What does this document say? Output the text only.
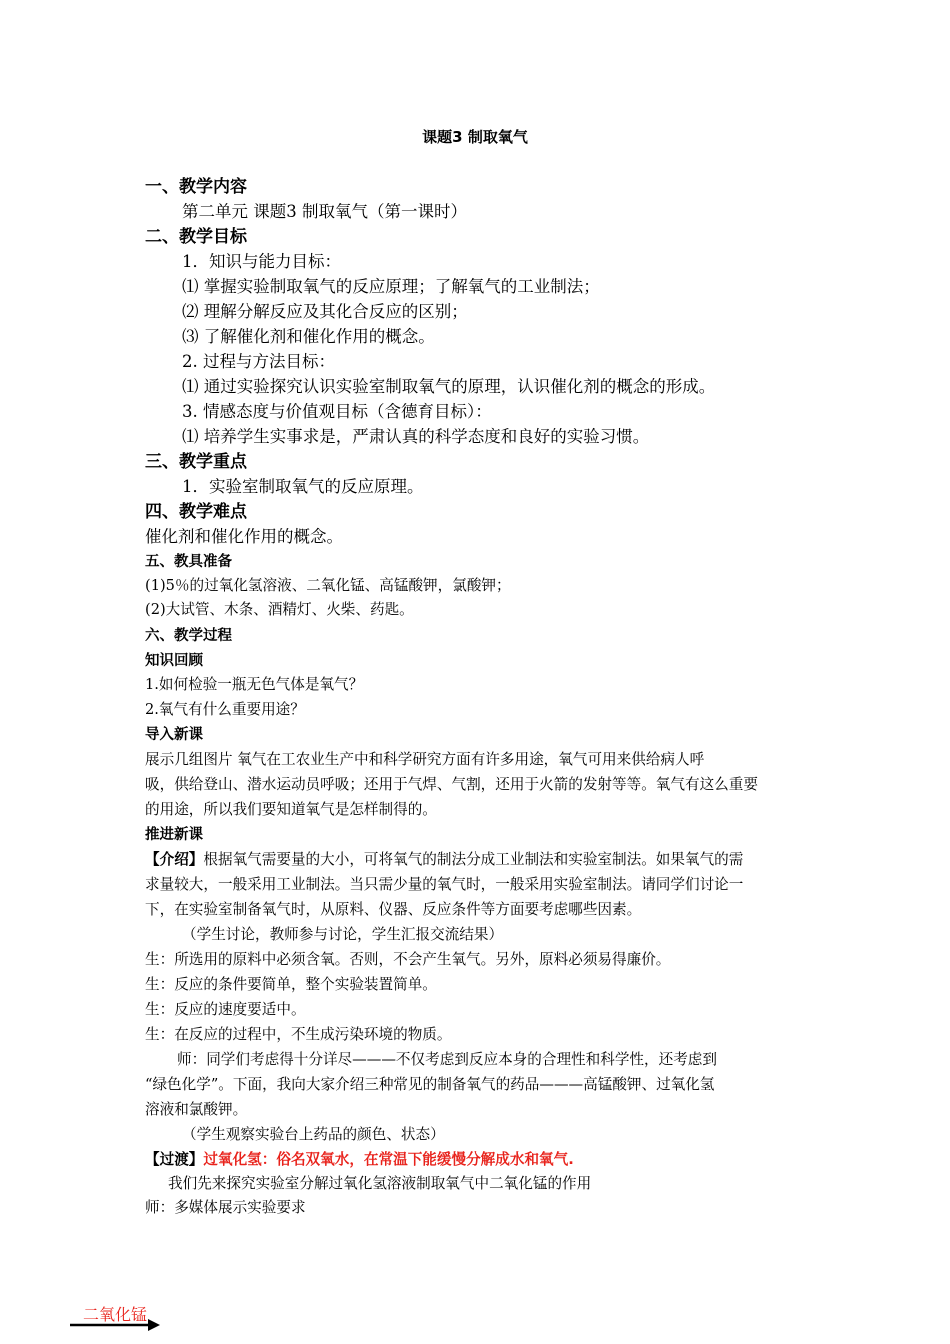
课题3 制取氧气
一、教学内容
第二单元 课题3 制取氧气（第一课时）
二、教学目标
1．知识与能力目标：
⑴ 掌握实验制取氧气的反应原理；了解氧气的工业制法；
⑵ 理解分解反应及其化合反应的区别；
⑶ 了解催化剂和催化作用的概念。
2. 过程与方法目标：
⑴ 通过实验探究认识实验室制取氧气的原理，认识催化剂的概念的形成。
3. 情感态度与价值观目标（含德育目标）：
⑴ 培养学生实事求是，严肃认真的科学态度和良好的实验习惯。
三、教学重点
1．实验室制取氧气的反应原理。
四、教学难点
催化剂和催化作用的概念。
五、教具准备
(1)5％的过氧化氢溶液、二氧化锰、高锰酸钾，氯酸钾；
(2)大试管、木条、酒精灯、火柴、药匙。
六、教学过程
知识回顾
1.如何检验一瓶无色气体是氧气？
2.氧气有什么重要用途？
导入新课
展示几组图片 氧气在工农业生产中和科学研究方面有许多用途，氧气可用来供给病人呼
吸，供给登山、潜水运动员呼吸；还用于气焊、气割，还用于火箭的发射等等。氧气有这么重要
的用途，所以我们要知道氧气是怎样制得的。
推进新课
【介绍】根据氧气需要量的大小，可将氧气的制法分成工业制法和实验室制法。如果氧气的需
求量较大，一般采用工业制法。当只需少量的氧气时，一般采用实验室制法。请同学们讨论一
下，在实验室制备氧气时，从原料、仪器、反应条件等方面要考虑哪些因素。
（学生讨论，教师参与讨论，学生汇报交流结果）
生：所选用的原料中必须含氧。否则，不会产生氧气。另外，原料必须易得廉价。
生：反应的条件要简单，整个实验装置简单。
生：反应的速度要适中。
生：在反应的过程中，不生成污染环境的物质。
师：同学们考虑得十分详尽———不仅考虑到反应本身的合理性和科学性，还考虑到
“绿色化学”。下面，我向大家介绍三种常见的制备氧气的药品———高锰酸钾、过氧化氢
溶液和氯酸钾。
（学生观察实验台上药品的颜色、状态）
【过渡】过氧化氢：俗名双氧水，在常温下能缓慢分解成水和氧气.
我们先来探究实验室分解过氧化氢溶液制取氧气中二氧化锰的作用
师：多媒体展示实验要求
二氧化锰
